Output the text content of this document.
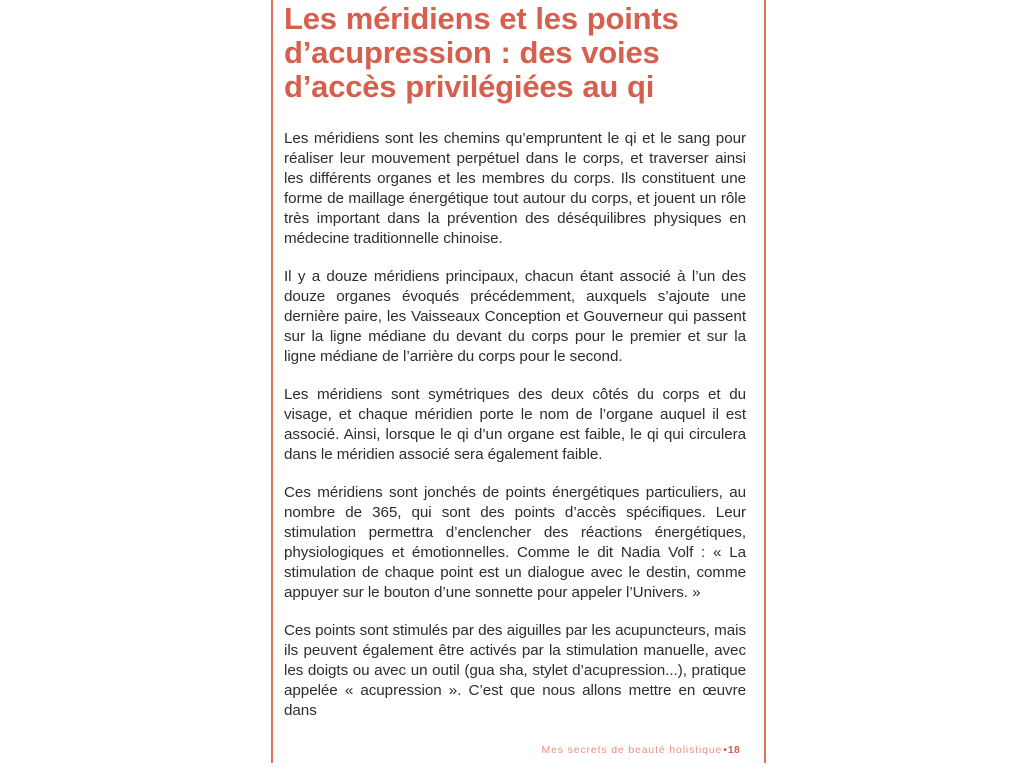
Les méridiens et les points d’acupression : des voies d’accès privilégiées au qi

Les méridiens sont les chemins qu’empruntent le qi et le sang pour réaliser leur mouvement perpétuel dans le corps, et traverser ainsi les différents organes et les membres du corps. Ils constituent une forme de maillage énergétique tout autour du corps, et jouent un rôle très important dans la prévention des déséquilibres physiques en médecine traditionnelle chinoise.

Il y a douze méridiens principaux, chacun étant associé à l’un des douze organes évoqués précédemment, auxquels s’ajoute une dernière paire, les Vaisseaux Conception et Gouverneur qui passent sur la ligne médiane du devant du corps pour le premier et sur la ligne médiane de l’arrière du corps pour le second.

Les méridiens sont symétriques des deux côtés du corps et du visage, et chaque méridien porte le nom de l’organe auquel il est associé. Ainsi, lorsque le qi d’un organe est faible, le qi qui circulera dans le méridien associé sera également faible.

Ces méridiens sont jonchés de points énergétiques particuliers, au nombre de 365, qui sont des points d’accès spécifiques. Leur stimulation permettra d’enclencher des réactions énergétiques, physiologiques et émotionnelles. Comme le dit Nadia Volf : « La stimulation de chaque point est un dialogue avec le destin, comme appuyer sur le bouton d’une sonnette pour appeler l’Univers. »

Ces points sont stimulés par des aiguilles par les acupuncteurs, mais ils peuvent également être activés par la stimulation manuelle, avec les doigts ou avec un outil (gua sha, stylet d’acupression...), pratique appelée « acupression ». C’est que nous allons mettre en œuvre dans

Mes secrets de beauté holistique•18
